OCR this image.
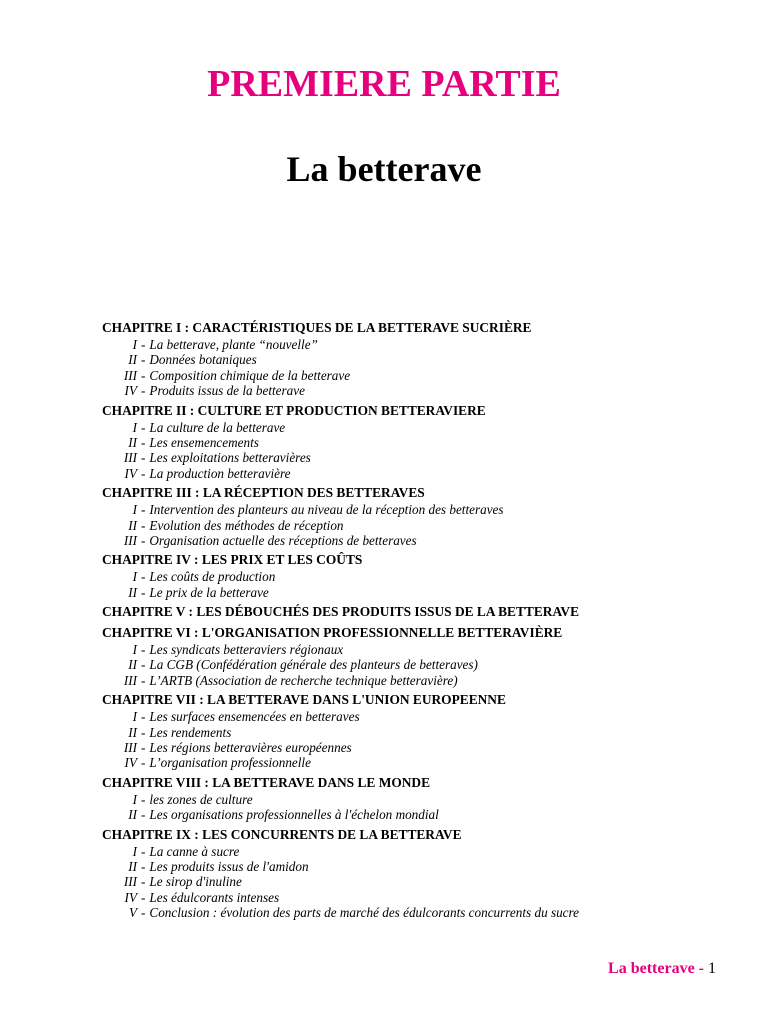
PREMIERE PARTIE
La betterave
CHAPITRE I : CARACTÉRISTIQUES DE LA BETTERAVE SUCRIÈRE
I - La betterave, plante “nouvelle”
II - Données botaniques
III - Composition chimique de la betterave
IV - Produits issus de la betterave
CHAPITRE II : CULTURE ET PRODUCTION BETTERAVIERE
I - La culture de la betterave
II - Les ensemencements
III - Les exploitations betteravières
IV - La production betteravière
CHAPITRE III : LA RÉCEPTION DES BETTERAVES
I - Intervention des planteurs au niveau de la réception des betteraves
II - Evolution des méthodes de réception
III - Organisation actuelle des réceptions de betteraves
CHAPITRE IV : LES PRIX ET LES COÛTS
I - Les coûts de production
II - Le prix de la betterave
CHAPITRE V : LES DÉBOUCHÉS DES PRODUITS ISSUS DE LA BETTERAVE
CHAPITRE VI : L'ORGANISATION PROFESSIONNELLE BETTERAVIÈRE
I - Les syndicats betteraviers régionaux
II - La CGB (Confédération générale des planteurs de betteraves)
III - L’ARTB (Association de recherche technique betteravière)
CHAPITRE VII : LA BETTERAVE DANS L'UNION EUROPEENNE
I - Les surfaces ensemencées en betteraves
II - Les rendements
III - Les régions betteravières européennes
IV - L’organisation professionnelle
CHAPITRE VIII : LA BETTERAVE DANS LE MONDE
I - les zones de culture
II - Les organisations professionnelles à l'échelon mondial
CHAPITRE IX : LES CONCURRENTS DE LA BETTERAVE
I - La canne à sucre
II - Les produits issus de l'amidon
III - Le sirop d'inuline
IV - Les édulcorants intenses
V - Conclusion : évolution des parts de marché des édulcorants concurrents du sucre
La betterave - 1
